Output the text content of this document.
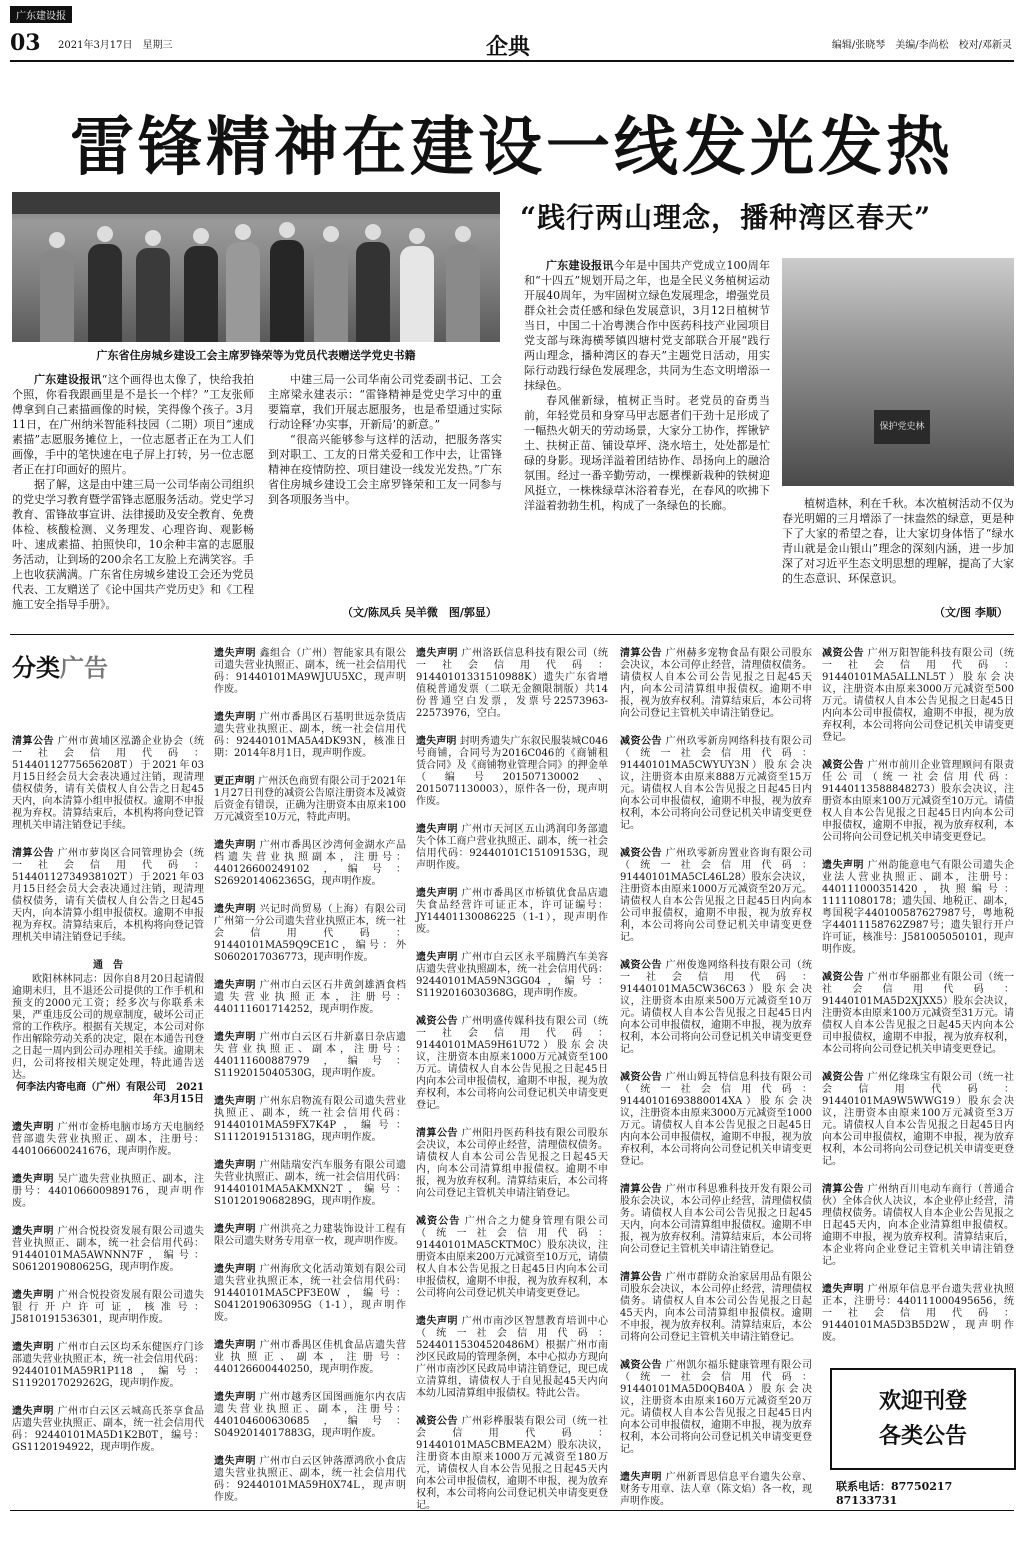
广东建设报
03 2021年3月17日　星期三	企典	编辑/张晓琴　美编/李尚松　校对/邓新灵
雷锋精神在建设一线发光发热
广东省住房城乡建设工会主席罗锋荣等为党员代表赠送学党史书籍

广东建设报讯“这个画得也太像了，快给我拍个照，你看我跟画里是不是长一个样？”工友张师傅拿到自己素描画像的时候，笑得像个孩子。3月11日，在广州纳米智能科技园（二期）项目“速成素描”志愿服务摊位上，一位志愿者正在为工人们画像，手中的笔快速在电子屏上打转，另一位志愿者正在打印画好的照片。

据了解，这是由中建三局一公司华南公司组织的党史学习教育暨学雷锋志愿服务活动。党史学习教育、雷锋故事宣讲、法律援助及安全教育、免费体检、核酸检测、义务理发、心理咨询、观影畅叶、速成素描、拍照快印，10余种丰富的志愿服务活动，让到场的200余名工友脸上充满笑容。手上也收获满满。广东省住房城乡建设工会还为党员代表、工友赠送了《论中国共产党历史》和《工程施工安全指导手册》。

中建三局一公司华南公司党委副书记、工会主席梁永建表示：“雷锋精神是党史学习中的重要篇章，我们开展志愿服务，也是希望通过实际行动诠释‘办实事，开新局’的新意。”

“很高兴能够参与这样的活动，把服务落实到对职工、工友的日常关爱和工作中去，让雷锋精神在疫情防控、项目建设一线发光发热。”广东省住房城乡建设工会主席罗锋荣和工友一同参与到各项服务当中。

（文/陈凤兵 吴羊微　图/郭显）
“践行两山理念，播种湾区春天”

广东建设报讯今年是中国共产党成立100周年和“十四五”规划开局之年，也是全民义务植树运动开展40周年，为牢固树立绿色发展理念，增强党员群众社会责任感和绿色发展意识，3月12日植树节当日，中国二十冶粤澳合作中医药科技产业园项目党支部与珠海横琴镇四塘村党支部联合开展“践行两山理念，播种湾区的春天”主题党日活动，用实际行动践行绿色发展理念，共同为生态文明增添一抹绿色。

春风催新绿，植树正当时。老党员的奋勇当前，年轻党员和身穿马甲志愿者们干劲十足形成了一幅热火朝天的劳动场景，大家分工协作，挥锹铲土、扶树正苗、铺设草坪、浇水培土，处处都是忙碌的身影。现场洋溢着团结协作、昂扬向上的融洽氛围。经过一番辛勤劳动，一棵棵新栽种的铁树迎风挺立，一株株绿草沐浴着春光，在春风的吹拂下洋溢着勃勃生机，构成了一条绿色的长廊。

保护党史林

植树造林，利在千秋。本次植树活动不仅为春光明媚的三月增添了一抹盎然的绿意，更是种下了大家的希望之春，让大家切身体悟了“绿水青山就是金山银山”理念的深刻内涵，进一步加深了对习近平生态文明思想的理解，提高了大家的生态意识、环保意识。

（文/图 李顺）
分类广告
清算公告 广州市黄埔区泓潞企业协会（统一社会信用代码：51440112775656208T）于2021年03月15日经会员大会表决通过注销，现清理债权债务，请有关债权人自公告之日起45天内，向本清算小组申报债权。逾期不申报视为弃权。清算结束后，本机构将向登记管理机关申请注销登记手续。
清算公告 广州市萝岗区合同管理协会（统一社会信用代码：51440112734938102T）于2021年03月15日经会员大会表决通过注销，现清理债权债务，请有关债权人自公告之日起45天内，向本清算小组申报债权。逾期不申报视为弃权。清算结束后，本机构将向登记管理机关申请注销登记手续。
通　告
欧阳林林同志：因你自8月20日起请假逾期未归，且不退还公司提供的工作手机和预支的2000元工资；经多次与你联系未果，严重违反公司的规章制度，破坏公司正常的工作秩序。根据有关规定，本公司对你作出解除劳动关系的决定，限在本通告刊登之日起一周内到公司办理相关手续。逾期未归，公司将按相关规定处理，特此通告送达。
何李法内寄电商（广州）有限公司　2021年3月15日
遗失声明 广州市金桥电脑市场方天电脑经营部遗失营业执照正、副本，注册号：440106600241676，现声明作废。
遗失声明 吴广遗失营业执照正、副本，注册号：440106600989176，现声明作废。
遗失声明 广州合悦投资发展有限公司遗失营业执照正、副本，统一社会信用代码：91440101MA5AWNNN7F，编号：S0612019080625G，现声明作废。
遗失声明 广州合悦投资发展有限公司遗失银行开户许可证，核准号：J5810191536301，现声明作废。
遗失声明 广州市白云区均禾东健医疗门诊部遗失营业执照正本，统一社会信用代码：92440101MA59R1P118，编号：S1192017029262G，现声明作废。
遗失声明 广州市白云区云城高氏茶享食品店遗失营业执照正、副本，统一社会信用代码：92440101MA5D1K2B0T，编号：GS1120194922，现声明作废。
遗失声明 鑫组合（广州）智能家具有限公司遗失营业执照正、副本，统一社会信用代码：91440101MA9WJUU5XC，现声明作废。
遗失声明 广州市番禺区石基明世远杂货店遗失营业执照正、副本，统一社会信用代码：92440101MA5A4DK93N，核准日期：2014年8月1日，现声明作废。
更正声明 广州沃色商贸有限公司于2021年1月27日刊登的减资公告原注册资本及减资后资金有错误，正确为注册资本由原来100万元减资至10万元，特此声明。
遗失声明 广州市番禺区沙湾何金湖水产品档遗失营业执照副本，注册号：440126600249102，编号：S2692014062365G，现声明作废。
遗失声明 兴记时尚贸易（上海）有限公司广州第一分公司遗失营业执照正本，统一社会信用代码：91440101MA59Q9CE1C，编号：外S0602017036773，现声明作废。
遗失声明 广州市白云区石井黄剑雄酒食档遗失营业执照正本，注册号：440111601714252，现声明作废。
遗失声明 广州市白云区石井新嘉日杂店遗失营业执照正、副本，注册号：440111600887979，编号：S1192015040530G，现声明作废。
遗失声明 广州东启物流有限公司遗失营业执照正、副本，统一社会信用代码：91440101MA59FX7K4P，编号：S1112019151318G，现声明作废。
遗失声明 广州陆瑞安汽车服务有限公司遗失营业执照正、副本，统一社会信用代码：91440101MA5AKMXN2T，编号：S1012019068289G，现声明作废。
遗失声明 广州洪亮之力建装饰设计工程有限公司遗失财务专用章一枚，现声明作废。
遗失声明 广州海欣文化活动策划有限公司遗失营业执照正本，统一社会信用代码：91440101MA5CPF3E0W，编号：S0412019063095G（1-1），现声明作废。
遗失声明 广州市番禺区佳机食品店遗失营业执照正、副本，注册号：440126600440250，现声明作废。
遗失声明 广州市越秀区国图画施尔内衣店遗失营业执照正、副本，注册号：440104600630685，编号：S0492014017883G，现声明作废。
遗失声明 广州市白云区钟落潭鸿欣小食店遗失营业执照正、副本，统一社会信用代码：92440101MA59H0X74L，现声明作废。
遗失声明 广州洛跃信息科技有限公司（统一社会信用代码：91440101331510988K）遗失广东省增值税普通发票（二联无金额限制版）共14份普通空白发票，发票号22573963-22573976，空白。
遗失声明 封明秀遗失广东叙民服装城C046号商铺，合同号为2016C046的《商铺租赁合同》及《商铺物业管理合同》的押金单（编号201507130002、2015071130003），原件各一份，现声明作废。
遗失声明 广州市天河区五山鸿润印务部遗失个体工商户营业执照正、副本，统一社会信用代码：92440101C15109153G，现声明作废。
遗失声明 广州市番禺区市桥镇优食品店遗失食品经营许可证正本，许可证编号：JY14401130086225（1-1），现声明作废。
遗失声明 广州市白云区永平瑞腾汽车美容店遗失营业执照副本，统一社会信用代码：92440101MA59N3GG04，编号：S1192016030368G，现声明作废。
减资公告 广州明盛传媒科技有限公司（统一社会信用代码：91440101MA59H61U72）股东会决议，注册资本由原来1000万元减资至100万元。请债权人自本公告见报之日起45日内向本公司申报债权，逾期不申报，视为放弃权利，本公司将向公司登记机关申请变更登记。
清算公告 广州阳丹医药科技有限公司股东会决议，本公司停止经营，清理债权债务。请债权人自本公司公告见报之日起45天内，向本公司清算组申报债权。逾期不申报，视为放弃权利。清算结束后，本公司将向公司登记主管机关申请注销登记。
减资公告 广州合之力健身管理有限公司（统一社会信用代码：91440101MA5CKTM0C）股东决议，注册资本由原来200万元减资至10万元，请债权人自本公告见报之日起45日内向本公司申报债权，逾期不申报，视为放弃权利，本公司将向公司登记机关申请变更登记。
遗失声明 广州市南沙区智慧教育培训中心（统一社会信用代码：52440115304520486M）根据广州市南沙区民政局的管理条例，本中心拟办方现向广州市南沙区民政局申请注销登记，现已成立清算组，请债权人于自见报起45天内向本幼儿园清算组申报债权。特此公告。
减资公告 广州彩桦服装有限公司（统一社会信用代码：91440101MA5CBMEA2M）股东决议，注册资本由原来1000万元减资至180万元，请债权人自本公告见报之日起45天内向本公司申报债权，逾期不申报，视为放弃权利，本公司将向公司登记机关申请变更登记。
清算公告 广州赫多宠物食品有限公司股东会决议，本公司停止经营，清理债权债务。请债权人自本公司公告见报之日起45天内，向本公司清算组申报债权。逾期不申报，视为放弃权利。清算结束后，本公司将向公司登记主管机关申请注销登记。
减资公告 广州玖零新房网络科技有限公司（统一社会信用代码：91440101MA5CWYUY3N）股东会决议，注册资本由原来888万元减资至15万元。请债权人自本公告见报之日起45日内向本公司申报债权，逾期不申报，视为放弃权利，本公司将向公司登记机关申请变更登记。
减资公告 广州玖零新房置业咨询有限公司（统一社会信用代码：91440101MA5CL46L28）股东会决议，注册资本由原来1000万元减资至20万元。请债权人自本公告见报之日起45日内向本公司申报债权，逾期不申报，视为放弃权利，本公司将向公司登记机关申请变更登记。
减资公告 广州俊逸网络科技有限公司（统一社会信用代码：91440101MA5CW36C63）股东会决议，注册资本由原来500万元减资至10万元。请债权人自本公告见报之日起45日内向本公司申报债权，逾期不申报，视为放弃权利，本公司将向公司登记机关申请变更登记。
减资公告 广州山姆瓦特信息科技有限公司（统一社会信用代码：91440101693880014XA）股东会决议，注册资本由原来3000万元减资至1000万元。请债权人自本公告见报之日起45日内向本公司申报债权，逾期不申报，视为放弃权利，本公司将向公司登记机关申请变更登记。
清算公告 广州市科思雅科技开发有限公司股东会决议，本公司停止经营，清理债权债务。请债权人自本公司公告见报之日起45天内，向本公司清算组申报债权。逾期不申报，视为放弃权利。清算结束后，本公司将向公司登记主管机关申请注销登记。
清算公告 广州市群防众治家居用品有限公司股东会决议，本公司停止经营，清理债权债务。请债权人自本公司公告见报之日起45天内，向本公司清算组申报债权。逾期不申报，视为放弃权利。清算结束后，本公司将向公司登记主管机关申请注销登记。
减资公告 广州凯尔福乐健康管理有限公司（统一社会信用代码：91440101MA5D0QB40A）股东会决议，注册资本由原来160万元减资至20万元。请债权人自本公告见报之日起45日内向本公司申报债权，逾期不申报，视为放弃权利，本公司将向公司登记机关申请变更登记。
遗失声明 广州新晋思信息平台遗失公章、财务专用章、法人章（陈文焰）各一枚，现声明作废。
减资公告 广州万阳智能科技有限公司（统一社会信用代码：91440101MA5ALLNL5T）股东会决议，注册资本由原来3000万元减资至500万元。请债权人自本公告见报之日起45日内向本公司申报债权，逾期不申报，视为放弃权利，本公司将向公司登记机关申请变更登记。
减资公告 广州市前川企业管理顾问有限责任公司（统一社会信用代码：91440113588848273）股东会决议，注册资本由原来100万元减资至10万元。请债权人自本公告见报之日起45日内向本公司申报债权，逾期不申报，视为放弃权利，本公司将向公司登记机关申请变更登记。
遗失声明 广州韵能意电气有限公司遗失企业法人营业执照正、副本，注册号：440111000351420，执照编号：11111080178；遗失国、地税正、副本，粤国税字440100587627987号，粤地税字44011158762Z987号；遗失银行开户许可证，核准号：J581005050101，现声明作废。
减资公告 广州市华丽都业有限公司（统一社会信用代码：91440101MA5D2XJXX5）股东会决议，注册资本由原来100万元减资至31万元。请债权人自本公告见报之日起45天内向本公司申报债权，逾期不申报，视为放弃权利，本公司将向公司登记机关申请变更登记。
减资公告 广州亿缘珠宝有限公司（统一社会信用代码：91440101MA9W5WWG19）股东会决议，注册资本由原来100万元减资至3万元。请债权人自本公告见报之日起45日内向本公司申报债权，逾期不申报，视为放弃权利，本公司将向公司登记机关申请变更登记。
清算公告 广州纳百川电动车商行（普通合伙）全体合伙人决议，本企业停止经营，清理债权债务。请债权人自本企业公告见报之日起45天内，向本企业清算组申报债权。逾期不申报，视为放弃权利。清算结束后，本企业将向企业登记主管机关申请注销登记。
遗失声明 广州原年信息平台遗失营业执照正本，注册号：440111000495656，统一社会信用代码：91440101MA5D3B5D2W，现声明作废。
欢迎刊登
各类公告
联系电话：87750217　87133731
